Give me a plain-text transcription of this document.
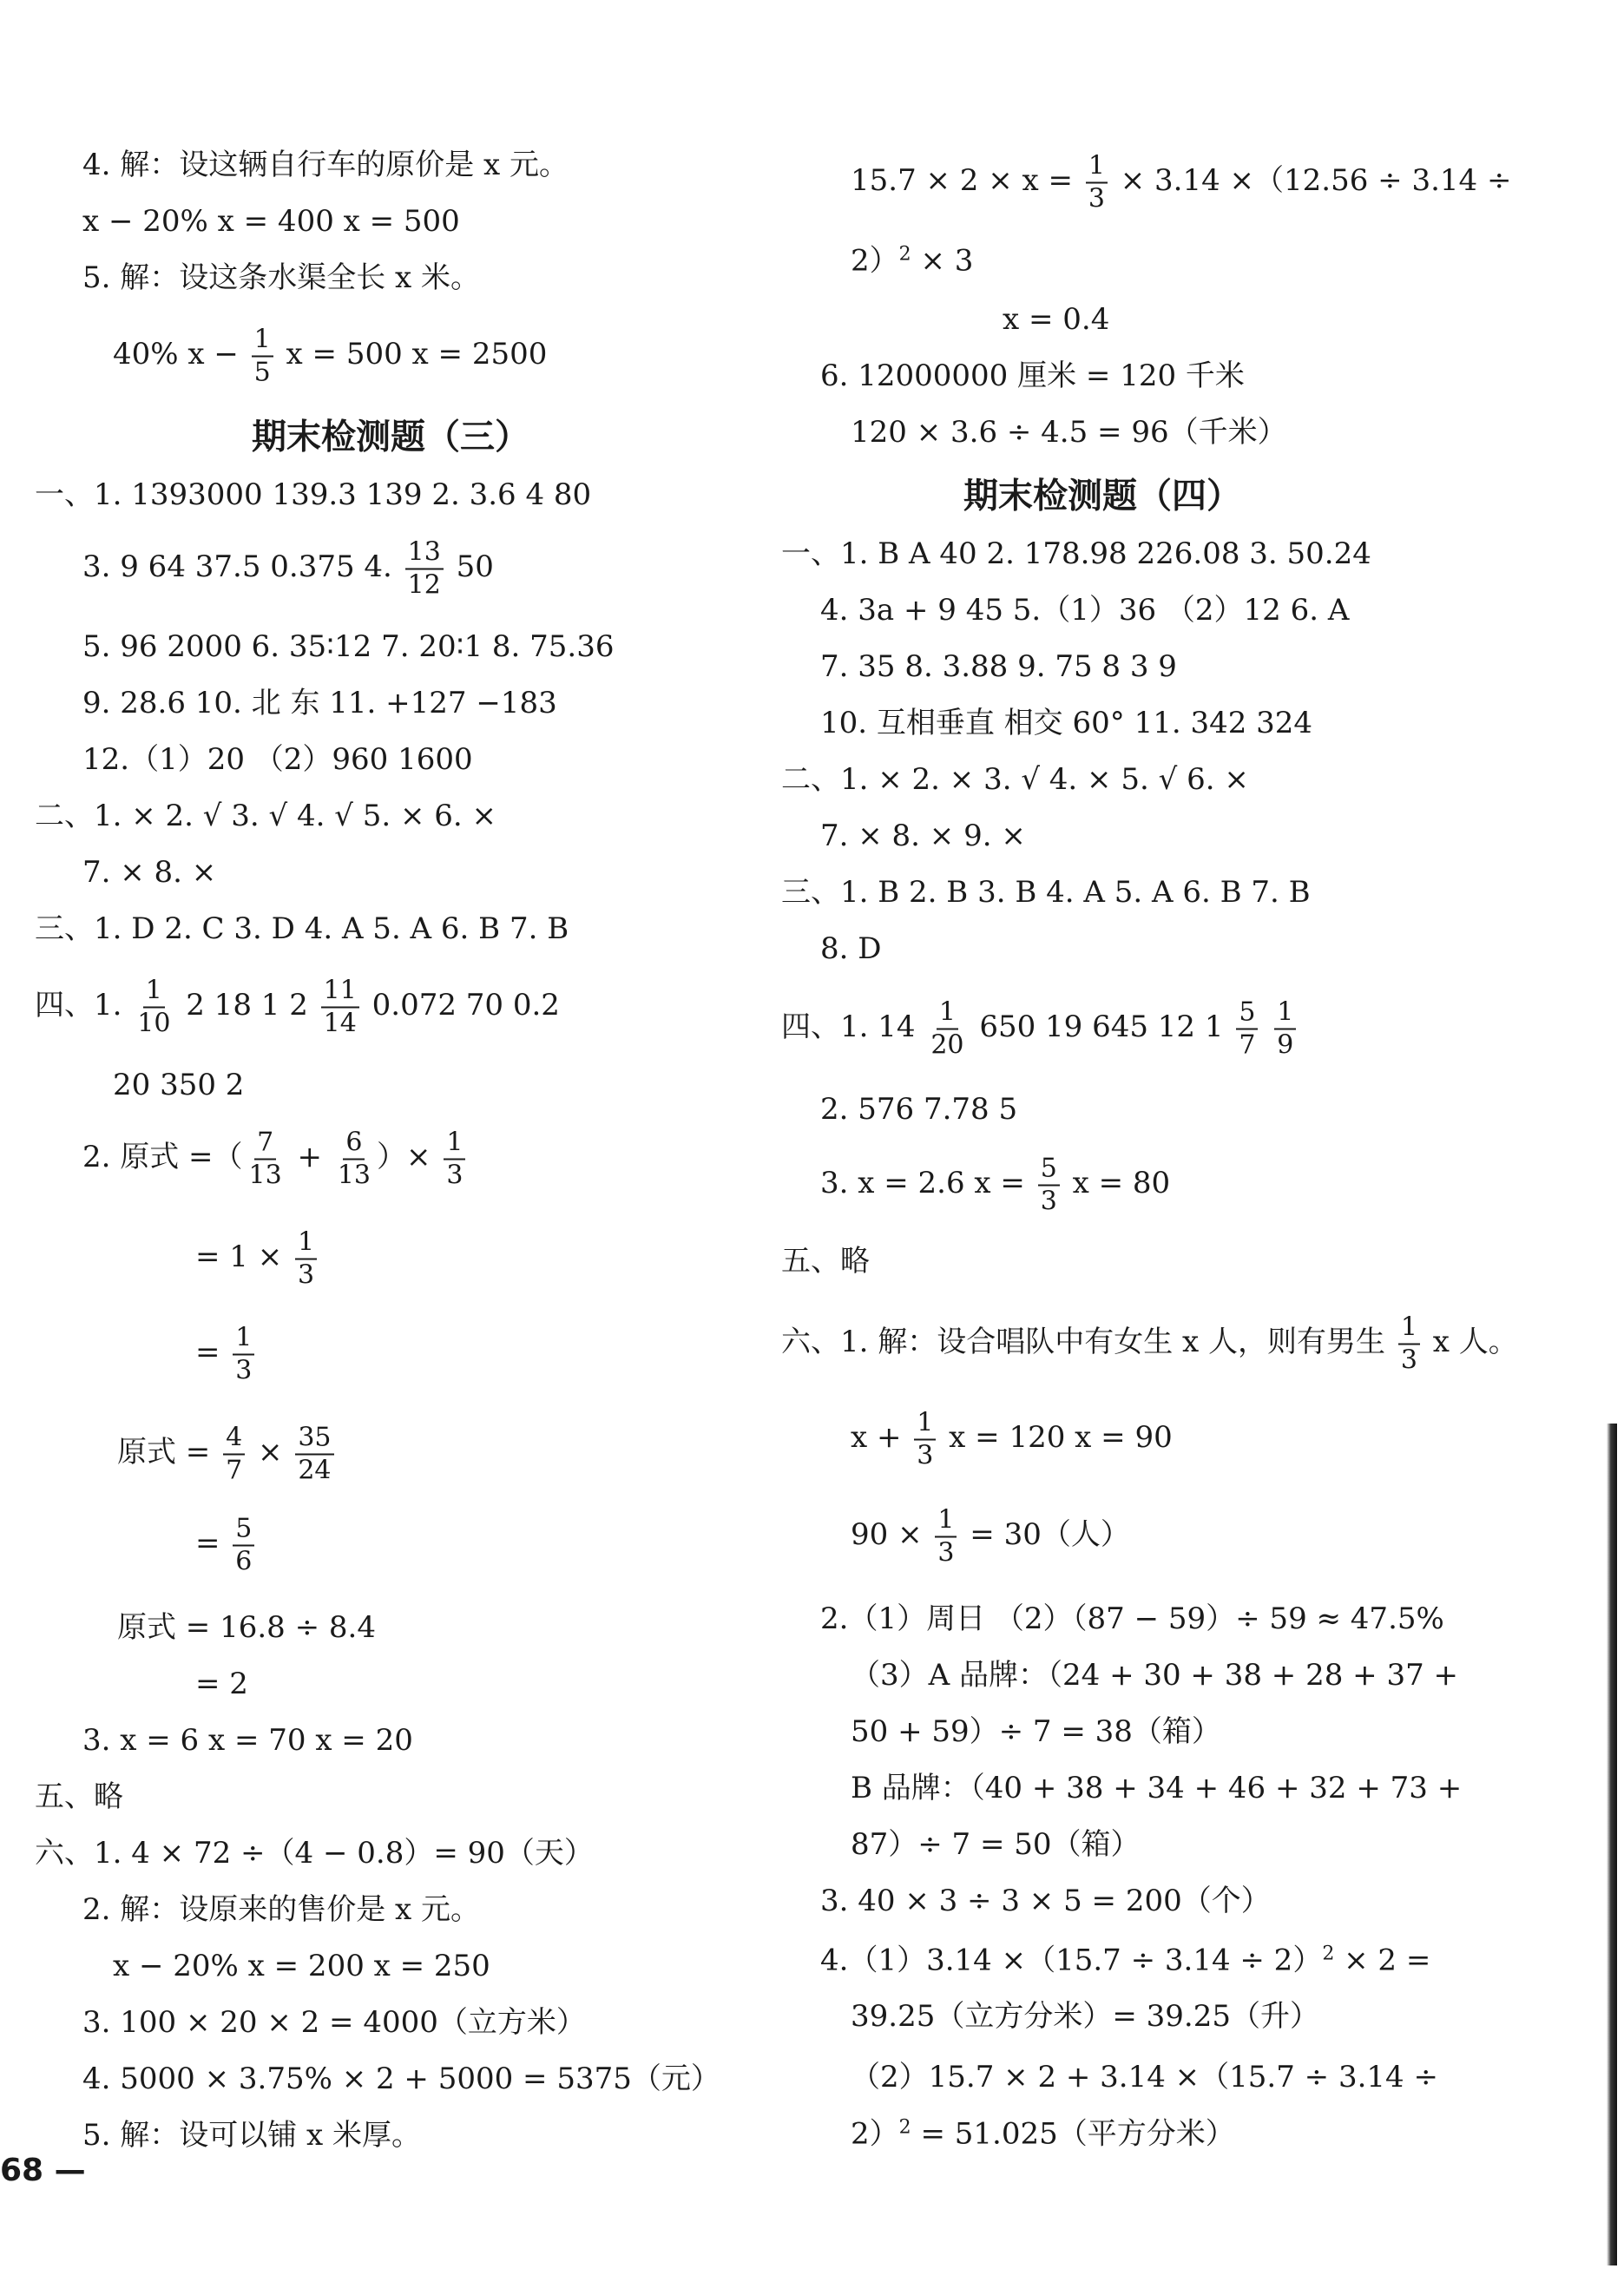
4. 解：设这辆自行车的原价是 x 元。
x − 20% x = 400 x = 500
5. 解：设这条水渠全长 x 米。
40% $x - \frac{1}{5}$ x = 500 x = 2500
期末检测题（三）
一、1. 1393000 139.3 139 2. 3.6 4 80
3. 9 64 37.5 0.375 4. $\frac{13}{12} 50$
5. 96 2000 6. 35∶12 7. 20∶1 8. 75.36
9. 28.6 10. 北 东 11. +127 −183
12.（1）20 （2）960 1600
二、1. × 2. √ 3. √ 4. √ 5. × 6. ×
7. × 8. ×
三、1. D 2. C 3. D 4. A 5. A 6. B 7. B
四、1. $\frac{1}{10} 2$ 18 1 $2 \frac{11}{14} 0.072$ 70 0.2
20 350 2
2. 原式 =（ $\frac{7}{13} + \frac{6}{13}$ ）× $\frac{1}{3}$
= $1 \times \frac{1}{3}$
= $\frac{1}{3}$
原式 = $\frac{4}{7} \times \frac{35}{24}$
= $\frac{5}{6}$
原式 = 16.8 ÷ 8.4
= 2
3. x = 6 x = 70 x = 20
五、略
六、1. 4 × 72 ÷（4 − 0.8）= 90（天）
2. 解：设原来的售价是 x 元。
x − 20% x = 200 x = 250
3. 100 × 20 × 2 = 4000（立方米）
4. 5000 × 3.75% × 2 + 5000 = 5375（元）
5. 解：设可以铺 x 米厚。
$15.7 \times 2 \times x = \frac{1}{3} \times 3.14 \times(12.56 \div 3.14$ ÷
2）$^2$ × 3
x = 0.4
6. 12000000 厘米 = 120 千米
120 × 3.6 ÷ 4.5 = 96（千米）
期末检测题（四）
一、1. B A 40 2. 178.98 226.08 3. 50.24
4. 3a + 9 45 5.（1）36 （2）12 6. A
7. 35 8. 3.88 9. 75 8 3 9
10. 互相垂直 相交 60° 11. 342 324
二、1. × 2. × 3. √ 4. × 5. √ 6. ×
7. × 8. × 9. ×
三、1. B 2. B 3. B 4. A 5. A 6. B 7. B
8. D
四、1. $14 \frac{1}{20} 650$ 19 645 12 $1 \frac{5}{7}$
$\frac{1}{9}$
2. 576 7.78 5
3. x = 2.6 $x = \frac{5}{3}$ x = 80
五、略
六、1. 解：设合唱队中有女生 x 人，则有男生 $\frac{1}{3}$ x 人。
$x + \frac{1}{3}$ x = 120 x = 90
$90 \times \frac{1}{3} = 30$（人）
2.（1）周日 （2）（87 − 59）÷ 59 ≈ 47.5%
（3）A 品牌：（24 + 30 + 38 + 28 + 37 +
50 + 59）÷ 7 = 38（箱）
B 品牌：（40 + 38 + 34 + 46 + 32 + 73 +
87）÷ 7 = 50（箱）
3. 40 × 3 ÷ 3 × 5 = 200（个）
$4.(1)3.14 \times(15.7 \div 3.14 \div 2)^2 \times 2$ =
39.25（立方分米）= 39.25（升）
（2）15.7 × 2 + 3.14 ×（15.7 ÷ 3.14 ÷
2）$^2$ = 51.025（平方分米）
68 —
